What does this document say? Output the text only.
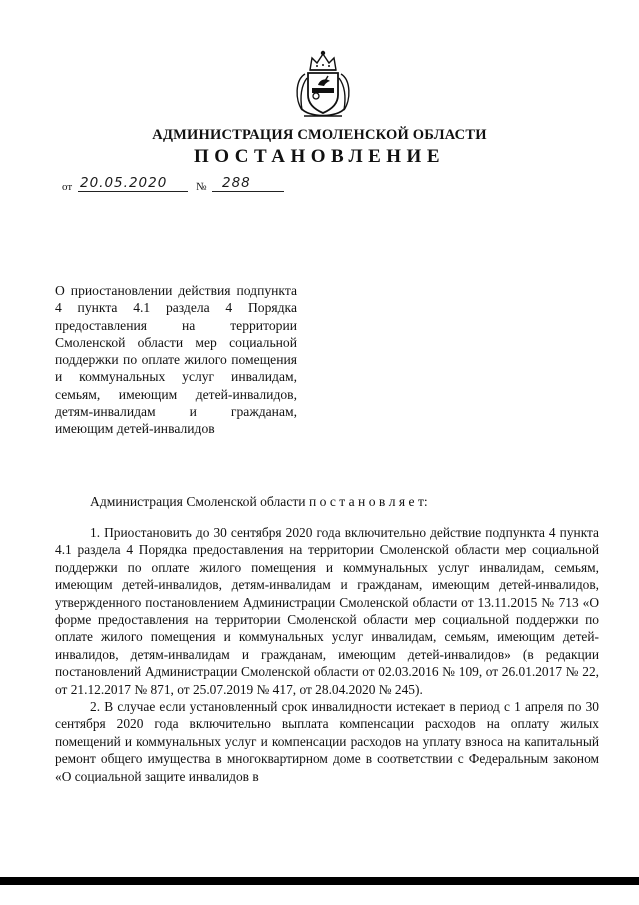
АДМИНИСТРАЦИЯ СМОЛЕНСКОЙ ОБЛАСТИ
ПОСТАНОВЛЕНИЕ
от 20.05.2020	№ 288
О приостановлении действия подпункта 4 пункта 4.1 раздела 4 Порядка предоставления на территории Смоленской области мер социальной поддержки по оплате жилого помещения и коммунальных услуг инвалидам, семьям, имеющим детей-инвалидов, детям-инвалидам и гражданам, имеющим детей-инвалидов
Администрация Смоленской области п о с т а н о в л я е т:

1. Приостановить до 30 сентября 2020 года включительно действие подпункта 4 пункта 4.1 раздела 4 Порядка предоставления на территории Смоленской области мер социальной поддержки по оплате жилого помещения и коммунальных услуг инвалидам, семьям, имеющим детей-инвалидов, детям-инвалидам и гражданам, имеющим детей-инвалидов, утвержденного постановлением Администрации Смоленской области от 13.11.2015 № 713 «О форме предоставления на территории Смоленской области мер социальной поддержки по оплате жилого помещения и коммунальных услуг инвалидам, семьям, имеющим детей-инвалидов, детям-инвалидам и гражданам, имеющим детей-инвалидов» (в редакции постановлений Администрации Смоленской области от 02.03.2016 № 109, от 26.01.2017 № 22, от 21.12.2017 № 871, от 25.07.2019 № 417, от 28.04.2020 № 245).

2. В случае если установленный срок инвалидности истекает в период с 1 апреля по 30 сентября 2020 года включительно выплата компенсации расходов на оплату жилых помещений и коммунальных услуг и компенсации расходов на уплату взноса на капитальный ремонт общего имущества в многоквартирном доме в соответствии с Федеральным законом «О социальной защите инвалидов в
